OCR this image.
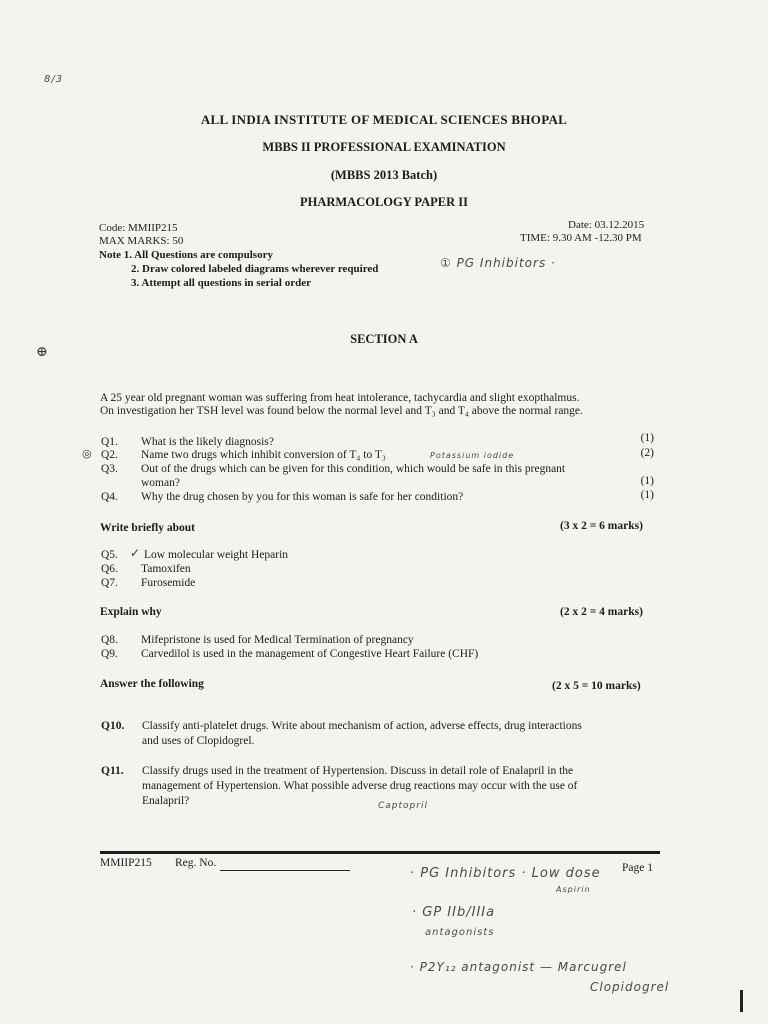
8/3
ALL INDIA INSTITUTE OF MEDICAL SCIENCES BHOPAL
MBBS II PROFESSIONAL EXAMINATION
(MBBS 2013 Batch)
PHARMACOLOGY PAPER II
Code: MMIIP215
MAX MARKS: 50
Date: 03.12.2015
TIME: 9.30 AM -12.30 PM
Note 1. All Questions are compulsory
2. Draw colored labeled diagrams wherever required
3. Attempt all questions in serial order
① PG Inhibitors ·
⊕
SECTION A
A 25 year old pregnant woman was suffering from heat intolerance, tachycardia and slight exopthalmus.
On investigation her TSH level was found below the normal level and T₃ and T₄ above the normal range.
Q1. What is the likely diagnosis?	(1)
◎ Q2. Name two drugs which inhibit conversion of T₄ to T₃	Potassium iodide	(2)
Q3. Out of the drugs which can be given for this condition, which would be safe in this pregnant
woman?	(1)
Q4. Why the drug chosen by you for this woman is safe for her condition?	(1)
Write briefly about	(3 x 2 = 6 marks)
Q5. ✓ Low molecular weight Heparin
Q6. Tamoxifen
Q7. Furosemide
Explain why	(2 x 2 = 4 marks)
Q8. Mifepristone is used for Medical Termination of pregnancy
Q9. Carvedilol is used in the management of Congestive Heart Failure (CHF)
Answer the following	(2 x 5 = 10 marks)
Q10. Classify anti-platelet drugs. Write about mechanism of action, adverse effects, drug interactions
and uses of Clopidogrel.
Q11. Classify drugs used in the treatment of Hypertension. Discuss in detail role of Enalapril in the
management of Hypertension. What possible adverse drug reactions may occur with the use of
Enalapril?	Captopril
MMIIP215 Reg. No.	Page 1
· PG Inhibitors · Low dose
Aspirin
· GP IIb/IIIa
antagonists
· P2Y₁₂ antagonist — Marcugrel
Clopidogrel
